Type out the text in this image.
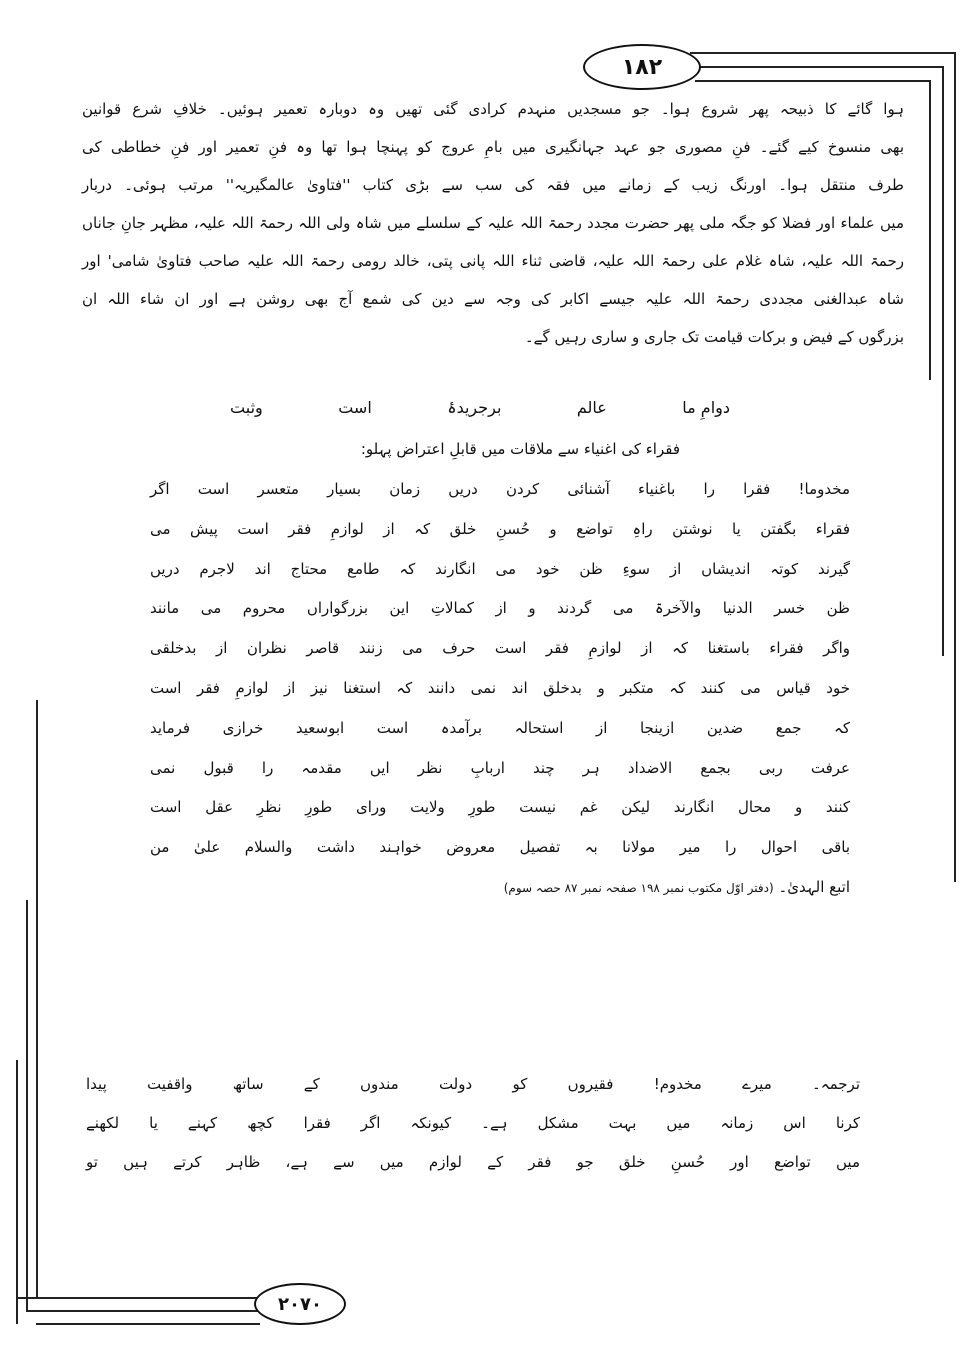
۱۸۲
۲۰۷۰
ہوا گائے کا ذبیحہ پھر شروع ہوا۔ جو مسجدیں منہدم کرادی گئی تھیں وہ دوبارہ تعمیر ہوئیں۔ خلافِ شرع قوانین
بھی منسوخ کیے گئے۔ فنِ مصوری جو عہد جہانگیری میں بامِ عروج کو پہنچا ہوا تھا وہ فنِ تعمیر اور فنِ خطاطی کی
طرف منتقل ہوا۔ اورنگ زیب کے زمانے میں فقہ کی سب سے بڑی کتاب ''فتاویٰ عالمگیریہ'' مرتب ہوئی۔ دربار
میں علماء اور فضلا کو جگہ ملی پھر حضرت مجدد رحمۃ اللہ علیہ کے سلسلے میں شاہ ولی اللہ رحمۃ اللہ علیہ، مظہر جانِ جاناں
رحمۃ اللہ علیہ، شاہ غلام علی رحمۃ اللہ علیہ، قاضی ثناء اللہ پانی پتی، خالد رومی رحمۃ اللہ علیہ صاحب فتاویٰ شامی' اور
شاہ عبدالغنی مجددی رحمۃ اللہ علیہ جیسے اکابر کی وجہ سے دین کی شمع آج بھی روشن ہے اور ان شاء اللہ ان
بزرگوں کے فیض و برکات قیامت تک جاری و ساری رہیں گے۔
دوامِ ما
عالم
برجریدۂ
است
وثبت
فقراء کی اغنیاء سے ملاقات میں قابلِ اعتراض پہلو:
مخدوما! فقرا را باغنیاء آشنائی کردن دریں زمان بسیار متعسر است اگر
فقراء بگفتن یا نوشتن راہِ تواضع و حُسنِ خلق کہ از لوازمِ فقر است پیش می
گیرند کوتہ اندیشاں از سوءِ ظن خود می انگارند کہ طامع محتاج اند لاجرم دریں
ظن خسر الدنیا والآخرۃ می گردند و از کمالاتِ این بزرگواراں محروم می مانند
واگر فقراء باستغنا کہ از لوازمِ فقر است حرف می زنند قاصر نظران از بدخلقی
خود قیاس می کنند کہ متکبر و بدخلق اند نمی دانند کہ استغنا نیز از لوازمِ فقر است
کہ جمع ضدین ازینجا از استحالہ برآمدہ است ابوسعید خرازی فرماید
عرفت ربی بجمع الاضداد ہر چند اربابِ نظر ایں مقدمہ را قبول نمی
کنند و محال انگارند لیکن غم نیست طورِ ولایت ورای طورِ نظرِ عقل است
باقی احوال را میر مولانا بہ تفصیل معروض خواہند داشت والسلام علیٰ من
اتبع الہدیٰ۔ (دفتر اوّل مکتوب نمبر ۱۹۸ صفحہ نمبر ۸۷ حصہ سوم)
ترجمہ۔ میرے مخدوم! فقیروں کو دولت مندوں کے ساتھ واقفیت پیدا
کرنا اس زمانہ میں بہت مشکل ہے۔ کیونکہ اگر فقرا کچھ کہنے یا لکھنے
میں تواضع اور حُسنِ خلق جو فقر کے لوازم میں سے ہے، ظاہر کرتے ہیں تو
